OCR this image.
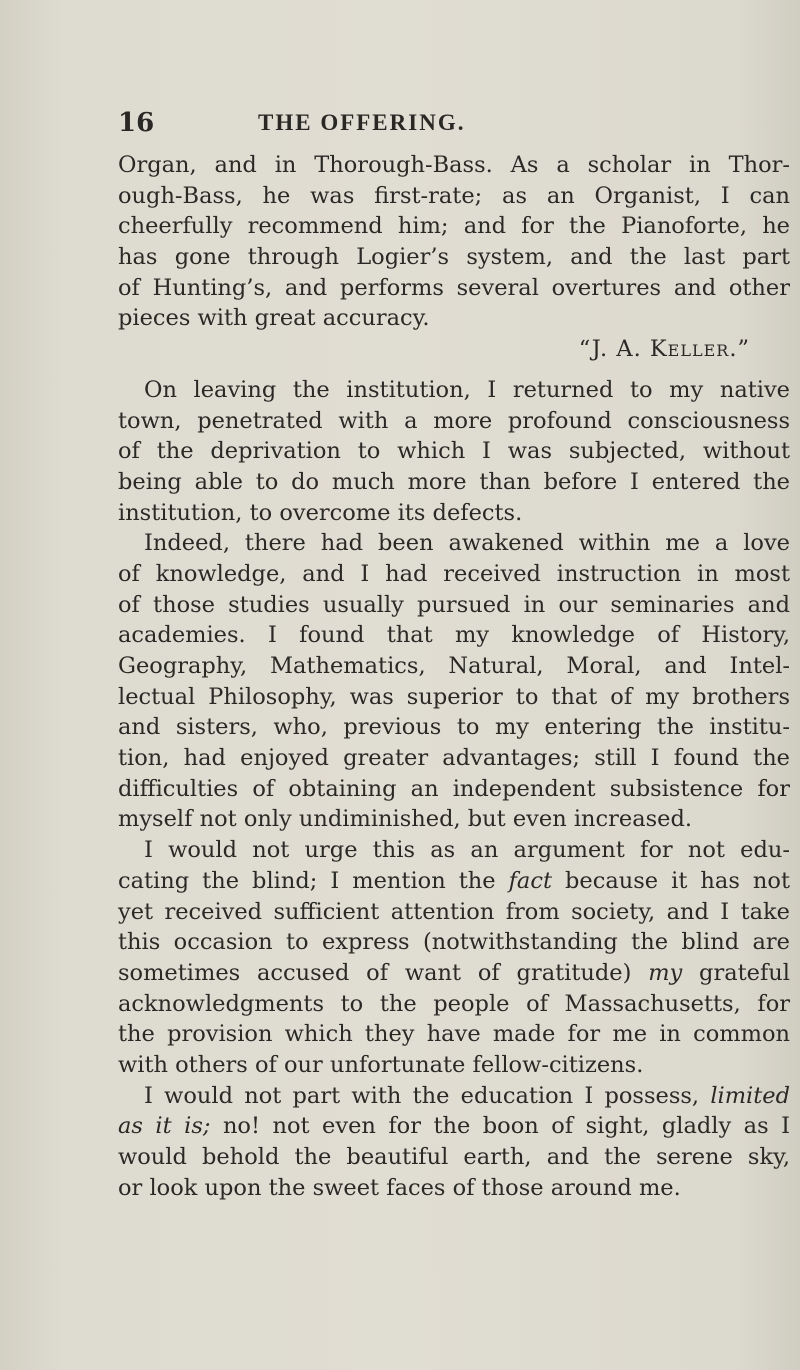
16	THE OFFERING.
Organ, and in Thorough-Bass. As a scholar in Thor-
ough-Bass, he was first-rate; as an Organist, I can
cheerfully recommend him; and for the Pianoforte, he
has gone through Logier’s system, and the last part
of Hunting’s, and performs several overtures and other
pieces with great accuracy.
“J. A. Keller.”
On leaving the institution, I returned to my native
town, penetrated with a more profound consciousness
of the deprivation to which I was subjected, without
being able to do much more than before I entered the
institution, to overcome its defects.
Indeed, there had been awakened within me a love
of knowledge, and I had received instruction in most
of those studies usually pursued in our seminaries and
academies. I found that my knowledge of History,
Geography, Mathematics, Natural, Moral, and Intel-
lectual Philosophy, was superior to that of my brothers
and sisters, who, previous to my entering the institu-
tion, had enjoyed greater advantages; still I found the
difficulties of obtaining an independent subsistence for
myself not only undiminished, but even increased.
I would not urge this as an argument for not edu-
cating the blind; I mention the fact because it has not
yet received sufficient attention from society, and I take
this occasion to express (notwithstanding the blind are
sometimes accused of want of gratitude) my grateful
acknowledgments to the people of Massachusetts, for
the provision which they have made for me in common
with others of our unfortunate fellow-citizens.
I would not part with the education I possess, limited
as it is; no! not even for the boon of sight, gladly as I
would behold the beautiful earth, and the serene sky,
or look upon the sweet faces of those around me.
